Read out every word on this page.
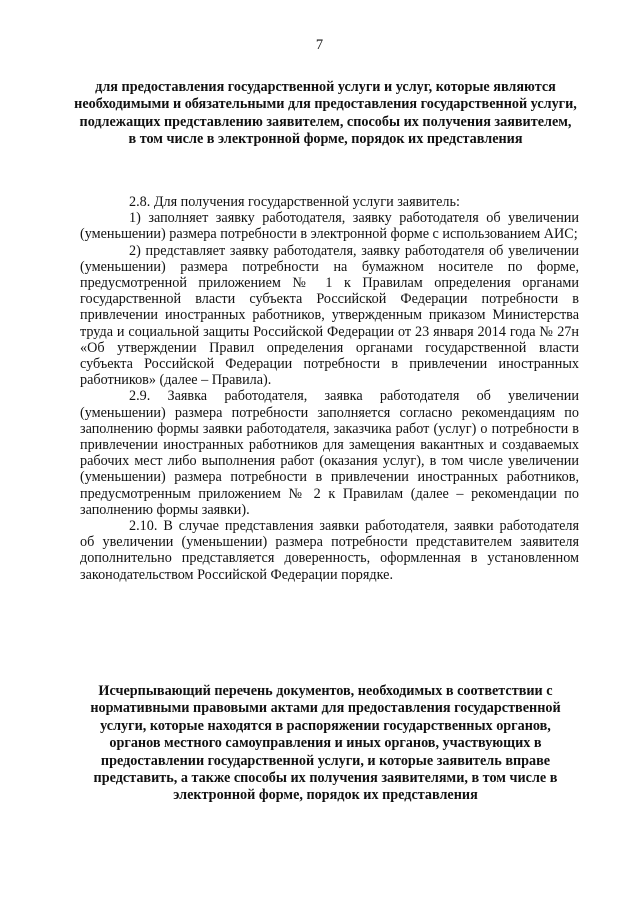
7
для предоставления государственной услуги и услуг, которые являются необходимыми и обязательными для предоставления государственной услуги, подлежащих представлению заявителем, способы их получения заявителем, в том числе в электронной форме, порядок их представления

2.8. Для получения государственной услуги заявитель:

1) заполняет заявку работодателя, заявку работодателя об увеличении (уменьшении) размера потребности в электронной форме с использованием АИС;

2) представляет заявку работодателя, заявку работодателя об увеличении (уменьшении) размера потребности на бумажном носителе по форме, предусмотренной приложением № 1 к Правилам определения органами государственной власти субъекта Российской Федерации потребности в привлечении иностранных работников, утвержденным приказом Министерства труда и социальной защиты Российской Федерации от 23 января 2014 года № 27н «Об утверждении Правил определения органами государственной власти субъекта Российской Федерации потребности в привлечении иностранных работников» (далее – Правила).

2.9. Заявка работодателя, заявка работодателя об увеличении (уменьшении) размера потребности заполняется согласно рекомендациям по заполнению формы заявки работодателя, заказчика работ (услуг) о потребности в привлечении иностранных работников для замещения вакантных и создаваемых рабочих мест либо выполнения работ (оказания услуг), в том числе увеличении (уменьшении) размера потребности в привлечении иностранных работников, предусмотренным приложением № 2 к Правилам (далее – рекомендации по заполнению формы заявки).

2.10. В случае представления заявки работодателя, заявки работодателя об увеличении (уменьшении) размера потребности представителем заявителя дополнительно представляется доверенность, оформленная в установленном законодательством Российской Федерации порядке.

Исчерпывающий перечень документов, необходимых в соответствии с нормативными правовыми актами для предоставления государственной услуги, которые находятся в распоряжении государственных органов, органов местного самоуправления и иных органов, участвующих в предоставлении государственной услуги, и которые заявитель вправе представить, а также способы их получения заявителями, в том числе в электронной форме, порядок их представления
